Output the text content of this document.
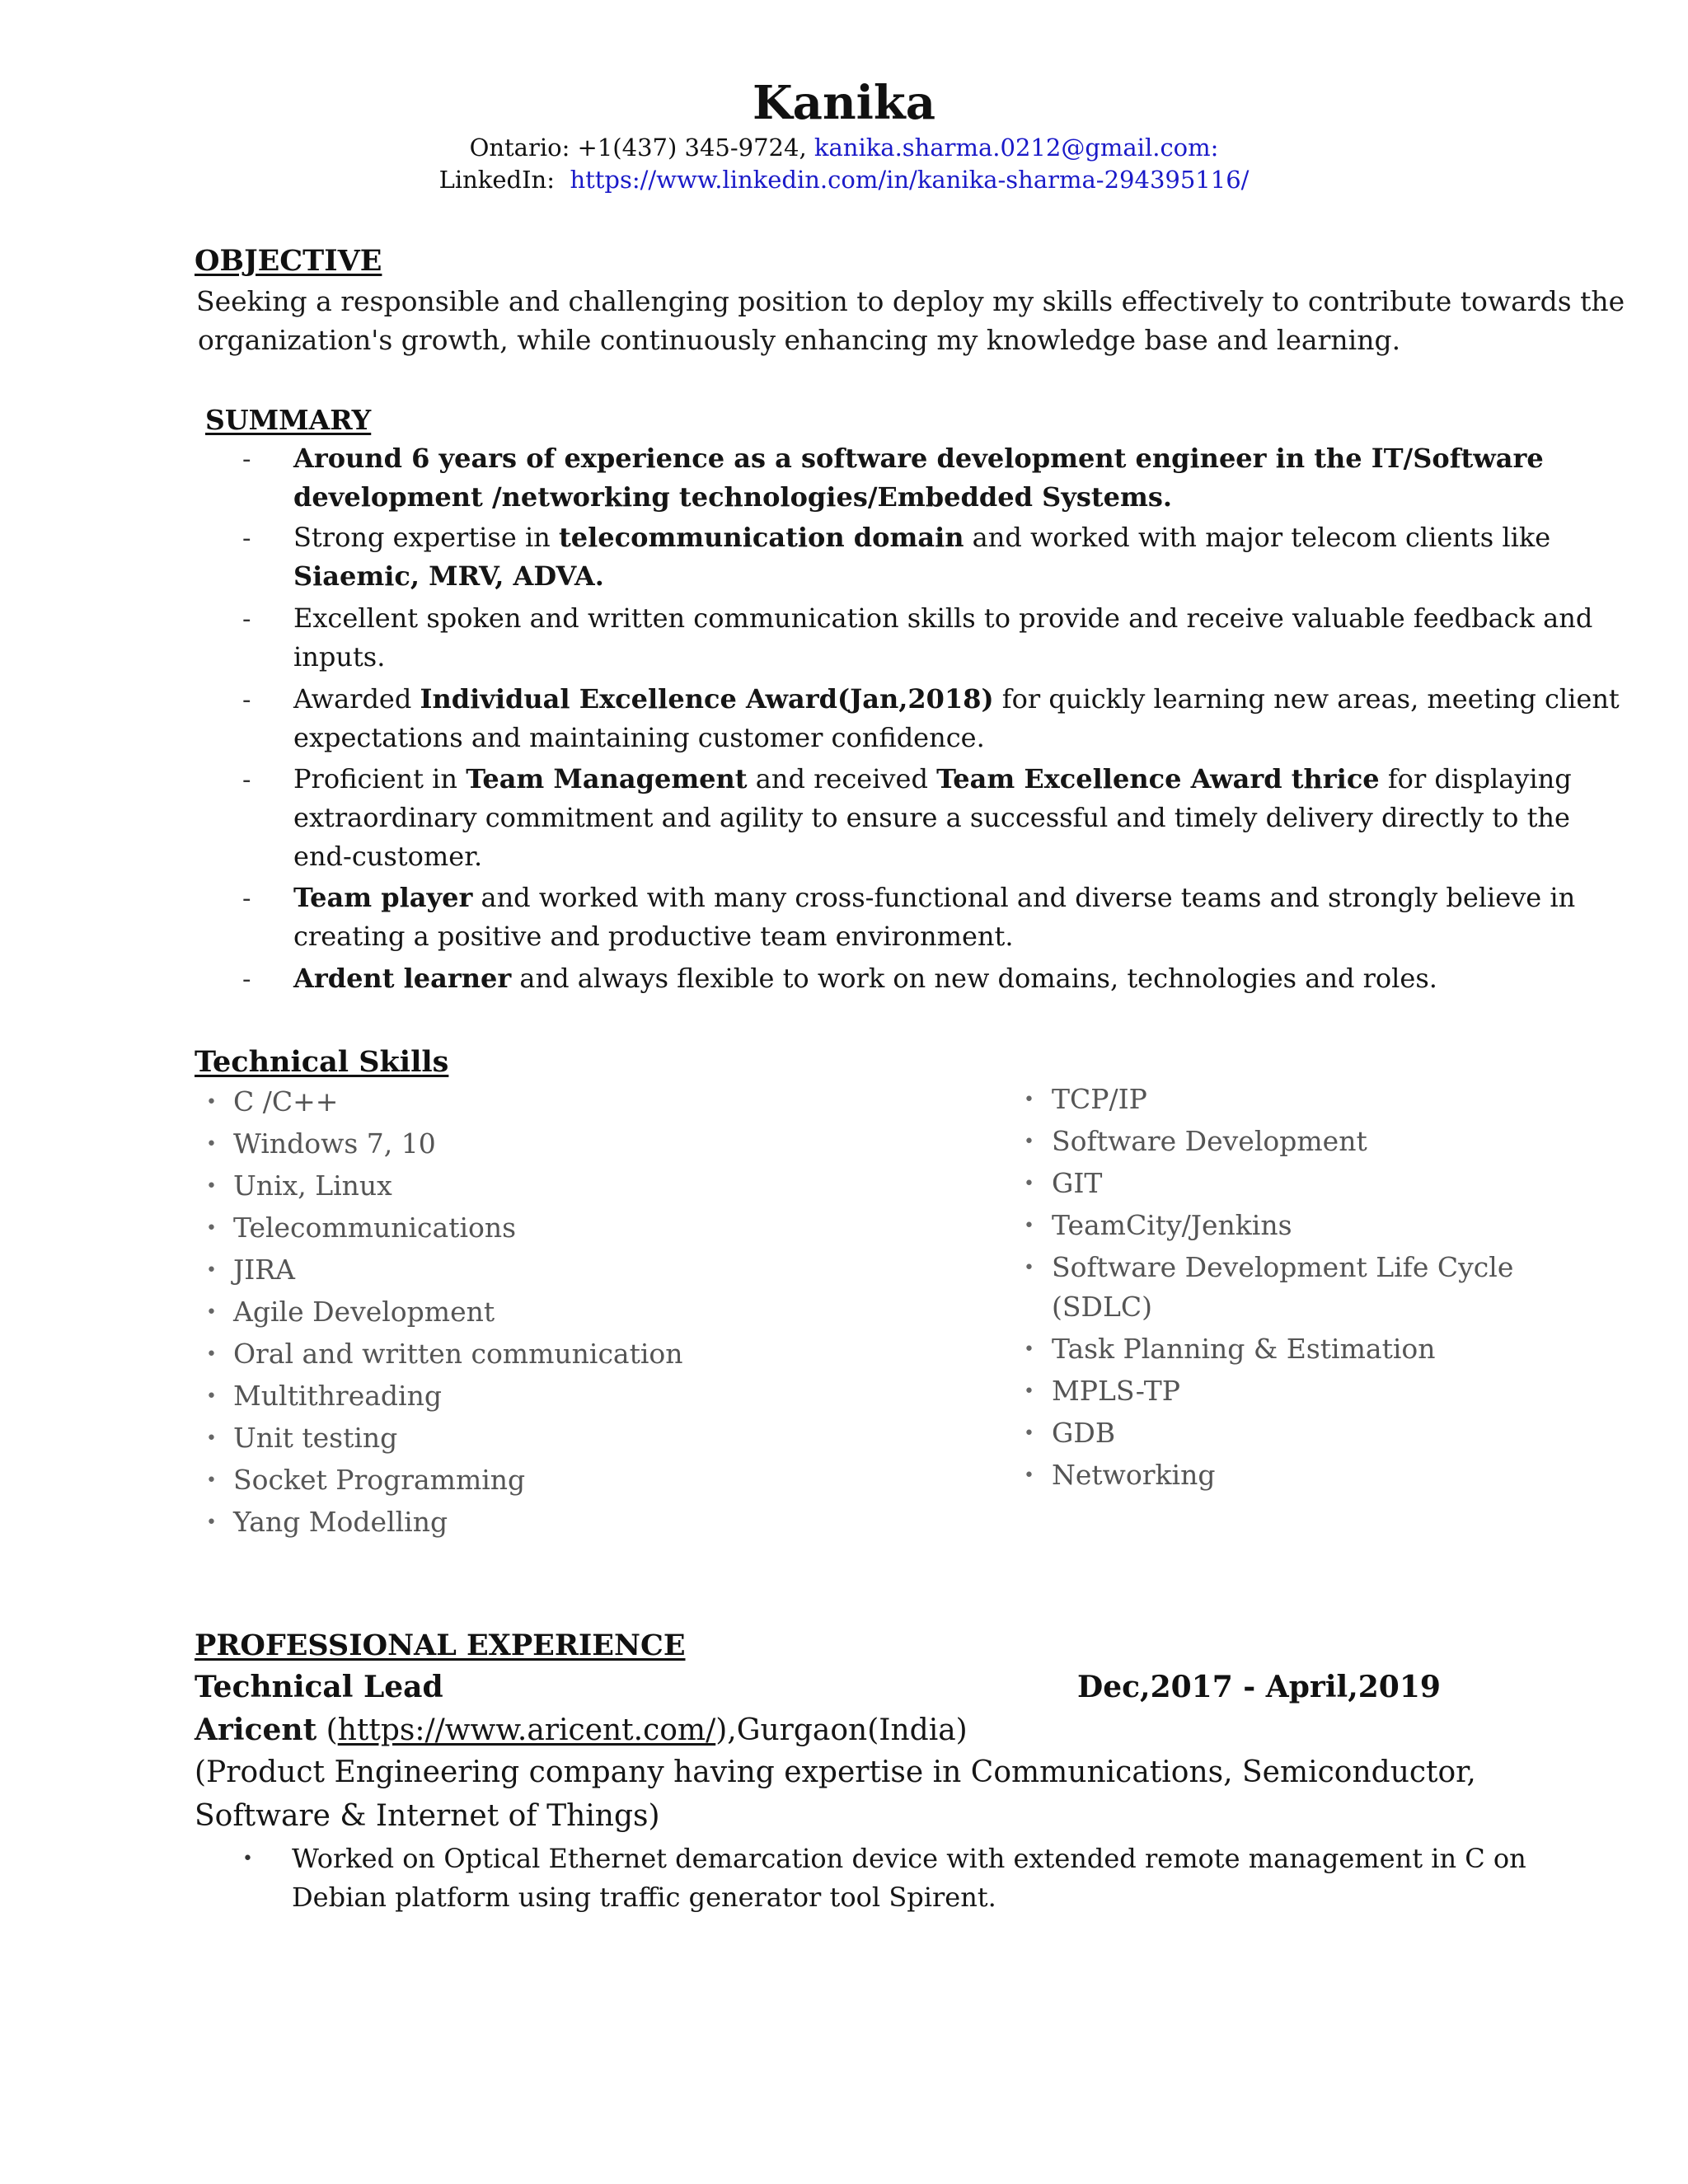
Kanika
Ontario: +1(437) 345-9724, kanika.sharma.0212@gmail.com:
LinkedIn: https://www.linkedin.com/in/kanika-sharma-294395116/
OBJECTIVE
Seeking a responsible and challenging position to deploy my skills effectively to contribute towards the
organization's growth, while continuously enhancing my knowledge base and learning.
SUMMARY
- Around 6 years of experience as a software development engineer in the IT/Software
development /networking technologies/Embedded Systems.
- Strong expertise in telecommunication domain and worked with major telecom clients like
Siaemic, MRV, ADVA.
- Excellent spoken and written communication skills to provide and receive valuable feedback and
inputs.
- Awarded Individual Excellence Award(Jan,2018) for quickly learning new areas, meeting client
expectations and maintaining customer confidence.
- Proficient in Team Management and received Team Excellence Award thrice for displaying
extraordinary commitment and agility to ensure a successful and timely delivery directly to the
end-customer.
- Team player and worked with many cross-functional and diverse teams and strongly believe in
creating a positive and productive team environment.
- Ardent learner and always flexible to work on new domains, technologies and roles.
Technical Skills
• C /C++
• Windows 7, 10
• Unix, Linux
• Telecommunications
• JIRA
• Agile Development
• Oral and written communication
• Multithreading
• Unit testing
• Socket Programming
• Yang Modelling
• TCP/IP
• Software Development
• GIT
• TeamCity/Jenkins
• Software Development Life Cycle
(SDLC)
• Task Planning & Estimation
• MPLS-TP
• GDB
• Networking
PROFESSIONAL EXPERIENCE
Technical Lead	Dec,2017 - April,2019
Aricent (https://www.aricent.com/),Gurgaon(India)
(Product Engineering company having expertise in Communications, Semiconductor,
Software & Internet of Things)
• Worked on Optical Ethernet demarcation device with extended remote management in C on
Debian platform using traffic generator tool Spirent.
